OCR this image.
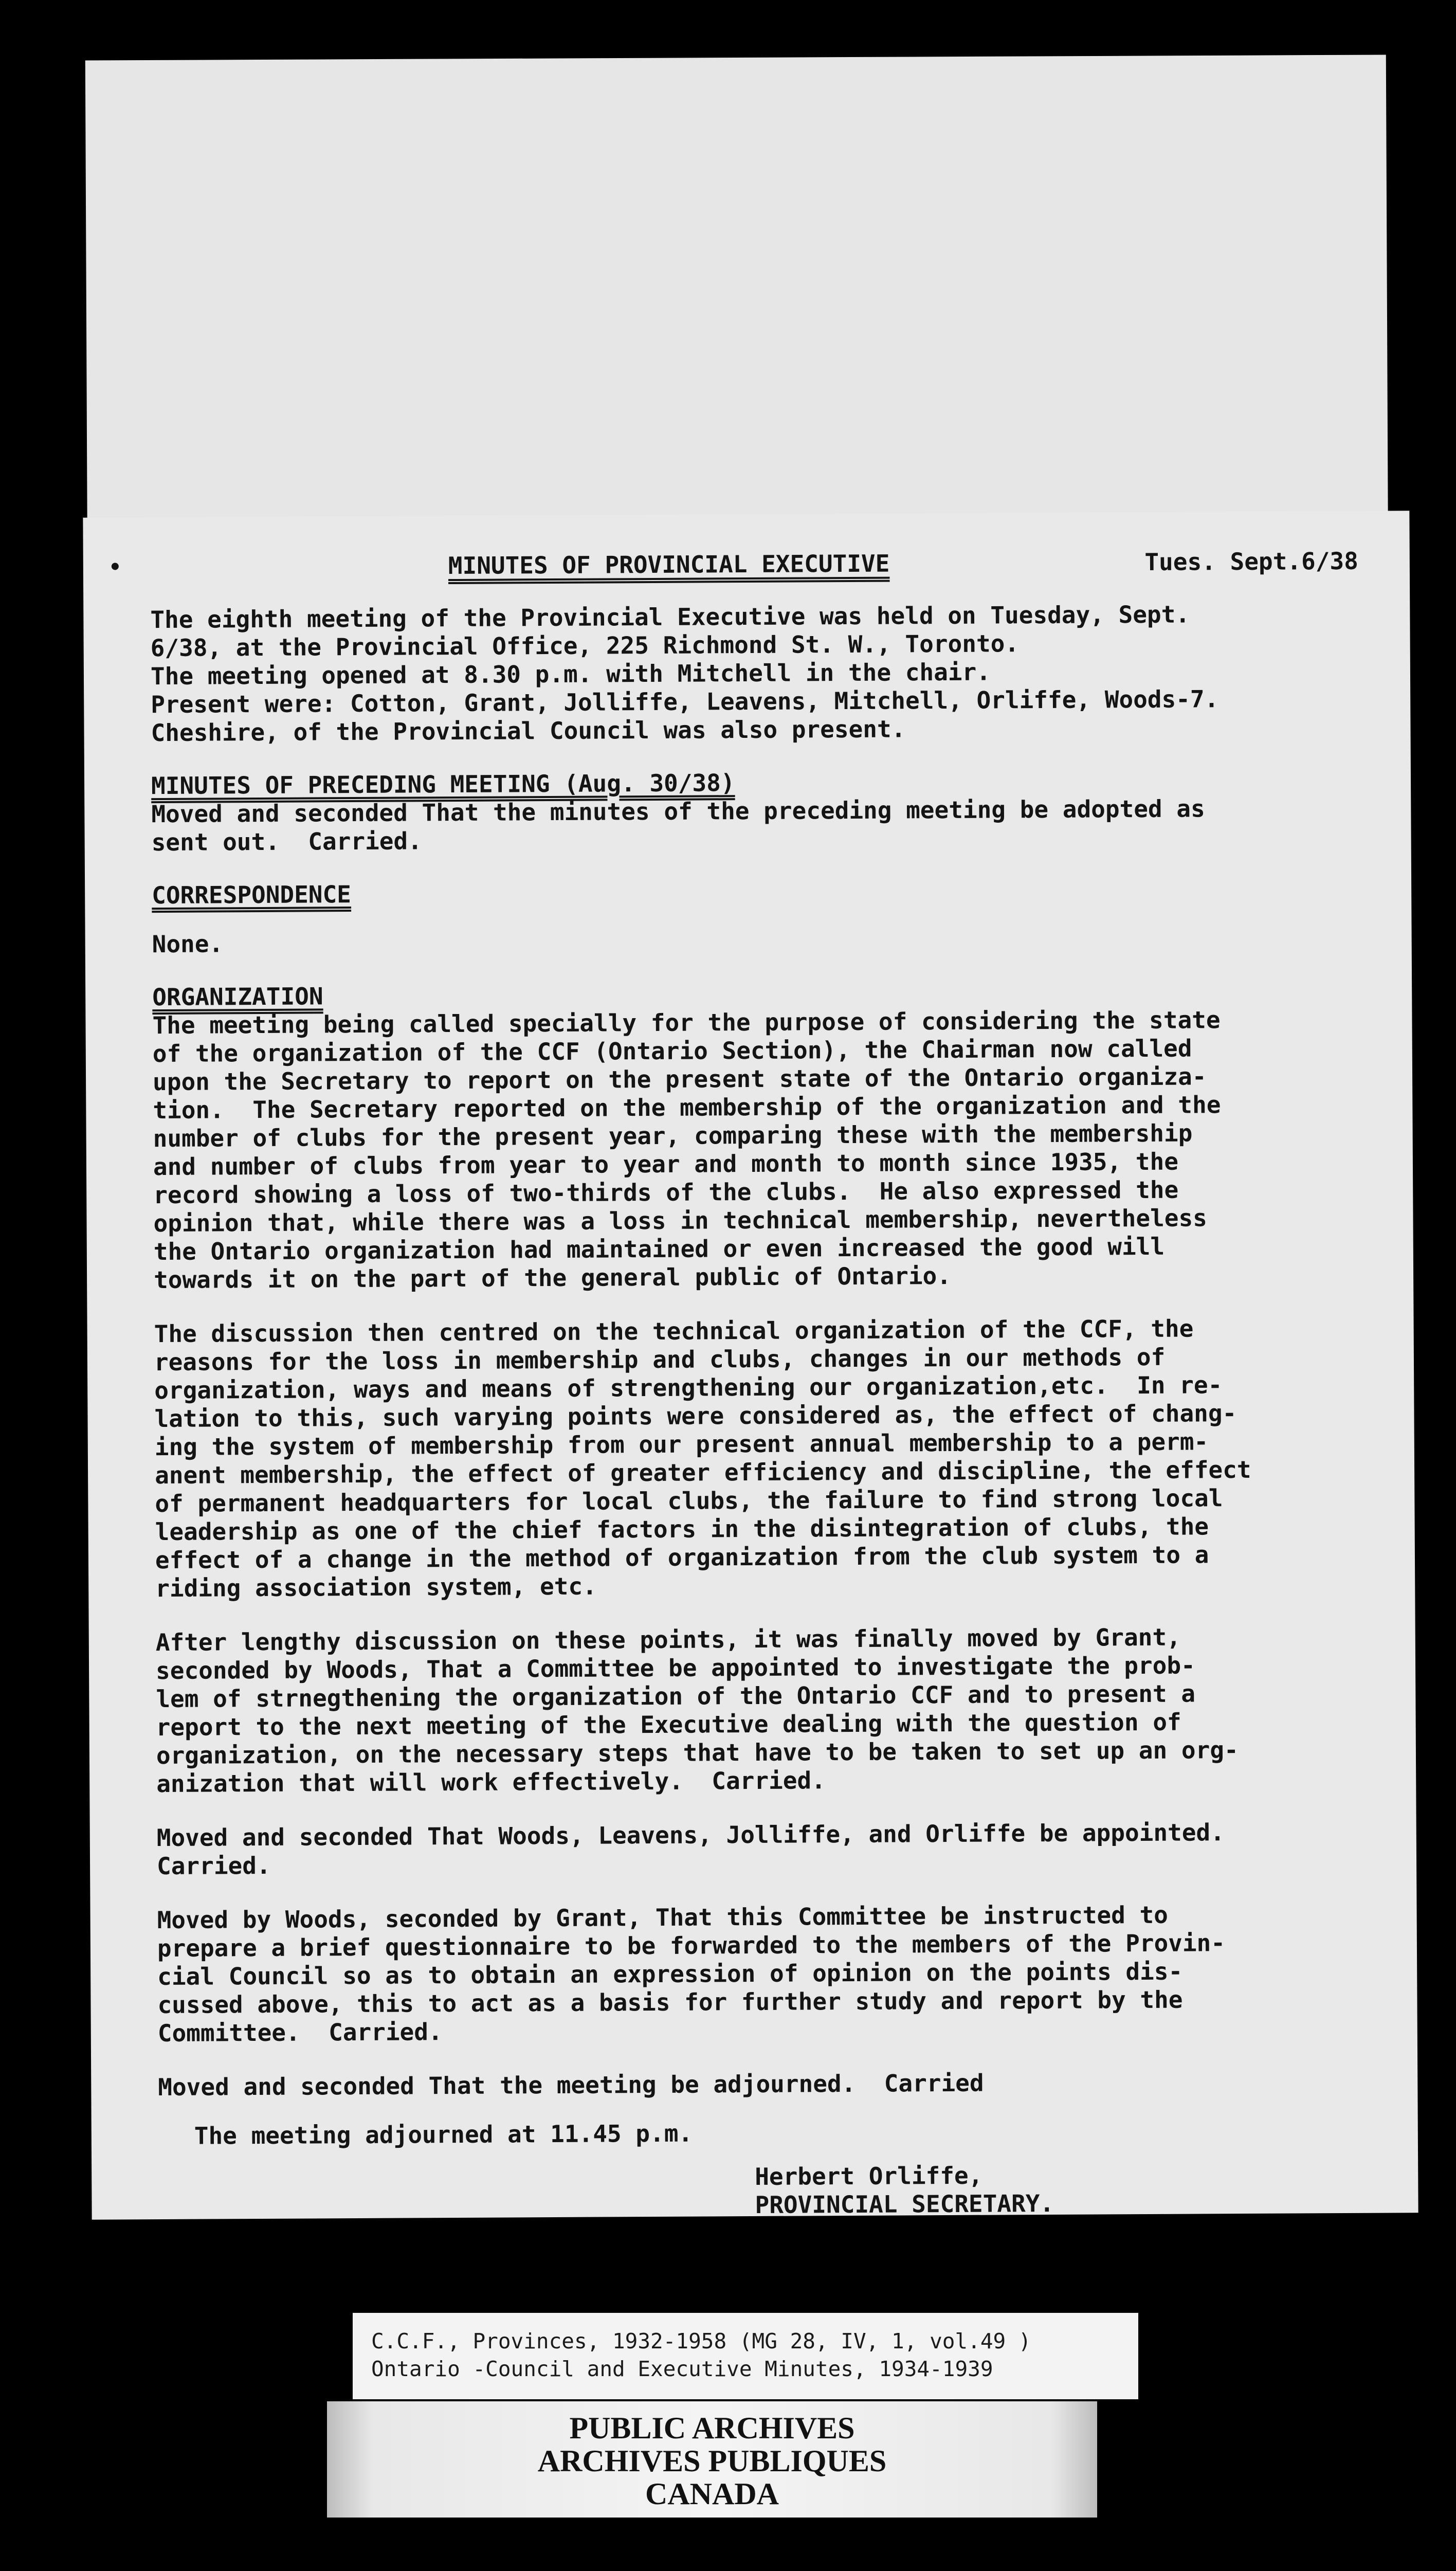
MINUTES OF PROVINCIAL EXECUTIVE	Tues. Sept.6/38
The eighth meeting of the Provincial Executive was held on Tuesday, Sept.
6/38, at the Provincial Office, 225 Richmond St. W., Toronto.
The meeting opened at 8.30 p.m. with Mitchell in the chair.
Present were: Cotton, Grant, Jolliffe, Leavens, Mitchell, Orliffe, Woods-7.
Cheshire, of the Provincial Council was also present.
MINUTES OF PRECEDING MEETING (Aug. 30/38)
Moved and seconded That the minutes of the preceding meeting be adopted as
sent out.  Carried.
CORRESPONDENCE
None.
ORGANIZATION
The meeting being called specially for the purpose of considering the state
of the organization of the CCF (Ontario Section), the Chairman now called
upon the Secretary to report on the present state of the Ontario organiza-
tion.  The Secretary reported on the membership of the organization and the
number of clubs for the present year, comparing these with the membership
and number of clubs from year to year and month to month since 1935, the
record showing a loss of two-thirds of the clubs.  He also expressed the
opinion that, while there was a loss in technical membership, nevertheless
the Ontario organization had maintained or even increased the good will
towards it on the part of the general public of Ontario.
The discussion then centred on the technical organization of the CCF, the
reasons for the loss in membership and clubs, changes in our methods of
organization, ways and means of strengthening our organization,etc.  In re-
lation to this, such varying points were considered as, the effect of chang-
ing the system of membership from our present annual membership to a perm-
anent membership, the effect of greater efficiency and discipline, the effect
of permanent headquarters for local clubs, the failure to find strong local
leadership as one of the chief factors in the disintegration of clubs, the
effect of a change in the method of organization from the club system to a
riding association system, etc.
After lengthy discussion on these points, it was finally moved by Grant,
seconded by Woods, That a Committee be appointed to investigate the prob-
lem of strnegthening the organization of the Ontario CCF and to present a
report to the next meeting of the Executive dealing with the question of
organization, on the necessary steps that have to be taken to set up an org-
anization that will work effectively.  Carried.
Moved and seconded That Woods, Leavens, Jolliffe, and Orliffe be appointed.
Carried.
Moved by Woods, seconded by Grant, That this Committee be instructed to
prepare a brief questionnaire to be forwarded to the members of the Provin-
cial Council so as to obtain an expression of opinion on the points dis-
cussed above, this to act as a basis for further study and report by the
Committee.  Carried.
Moved and seconded That the meeting be adjourned.  Carried
The meeting adjourned at 11.45 p.m.
Herbert Orliffe,
PROVINCIAL SECRETARY.
C.C.F., Provinces, 1932-1958 (MG 28, IV, 1, vol.49 )
Ontario -Council and Executive Minutes, 1934-1939
PUBLIC ARCHIVES
ARCHIVES PUBLIQUES
CANADA
